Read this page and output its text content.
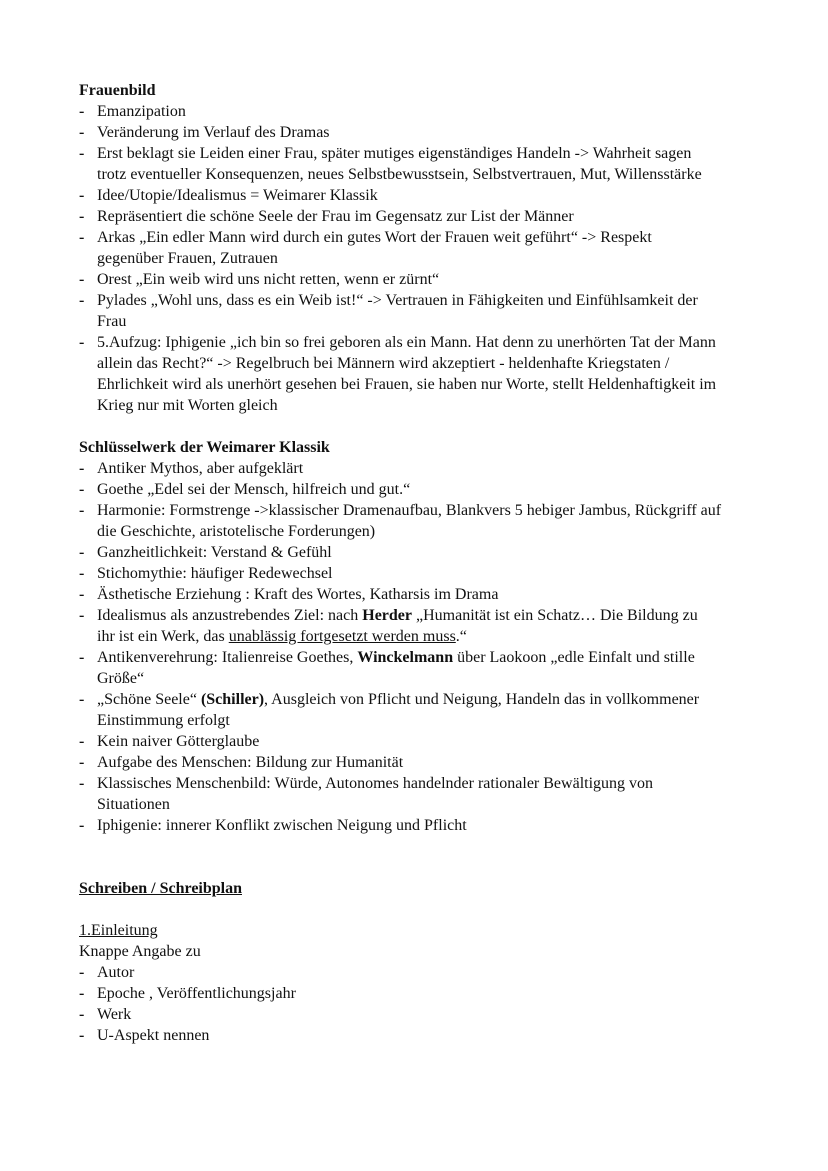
Frauenbild
- Emanzipation
- Veränderung im Verlauf des Dramas
- Erst beklagt sie Leiden einer Frau, später mutiges eigenständiges Handeln -> Wahrheit sagen
trotz eventueller Konsequenzen, neues Selbstbewusstsein, Selbstvertrauen, Mut, Willensstärke
- Idee/Utopie/Idealismus = Weimarer Klassik
- Repräsentiert die schöne Seele der Frau im Gegensatz zur List der Männer
- Arkas „Ein edler Mann wird durch ein gutes Wort der Frauen weit geführt“ -> Respekt
gegenüber Frauen, Zutrauen
- Orest „Ein weib wird uns nicht retten, wenn er zürnt“
- Pylades „Wohl uns, dass es ein Weib ist!“ -> Vertrauen in Fähigkeiten und Einfühlsamkeit der
Frau
- 5.Aufzug: Iphigenie „ich bin so frei geboren als ein Mann. Hat denn zu unerhörten Tat der Mann
allein das Recht?“ -> Regelbruch bei Männern wird akzeptiert - heldenhafte Kriegstaten /
Ehrlichkeit wird als unerhört gesehen bei Frauen, sie haben nur Worte, stellt Heldenhaftigkeit im
Krieg nur mit Worten gleich
Schlüsselwerk der Weimarer Klassik
- Antiker Mythos, aber aufgeklärt
- Goethe „Edel sei der Mensch, hilfreich und gut.“
- Harmonie: Formstrenge ->klassischer Dramenaufbau, Blankvers 5 hebiger Jambus, Rückgriff auf
die Geschichte, aristotelische Forderungen)
- Ganzheitlichkeit: Verstand & Gefühl
- Stichomythie: häufiger Redewechsel
- Ästhetische Erziehung : Kraft des Wortes, Katharsis im Drama
- Idealismus als anzustrebendes Ziel: nach Herder „Humanität ist ein Schatz… Die Bildung zu
ihr ist ein Werk, das unablässig fortgesetzt werden muss.“
- Antikenverehrung: Italienreise Goethes, Winckelmann über Laokoon „edle Einfalt und stille
Größe“
- „Schöne Seele“ (Schiller), Ausgleich von Pflicht und Neigung, Handeln das in vollkommener
Einstimmung erfolgt
- Kein naiver Götterglaube
- Aufgabe des Menschen: Bildung zur Humanität
- Klassisches Menschenbild: Würde, Autonomes handelnder rationaler Bewältigung von
Situationen
- Iphigenie: innerer Konflikt zwischen Neigung und Pflicht
Schreiben / Schreibplan
1.Einleitung
Knappe Angabe zu
- Autor
- Epoche , Veröffentlichungsjahr
- Werk
- U-Aspekt nennen
